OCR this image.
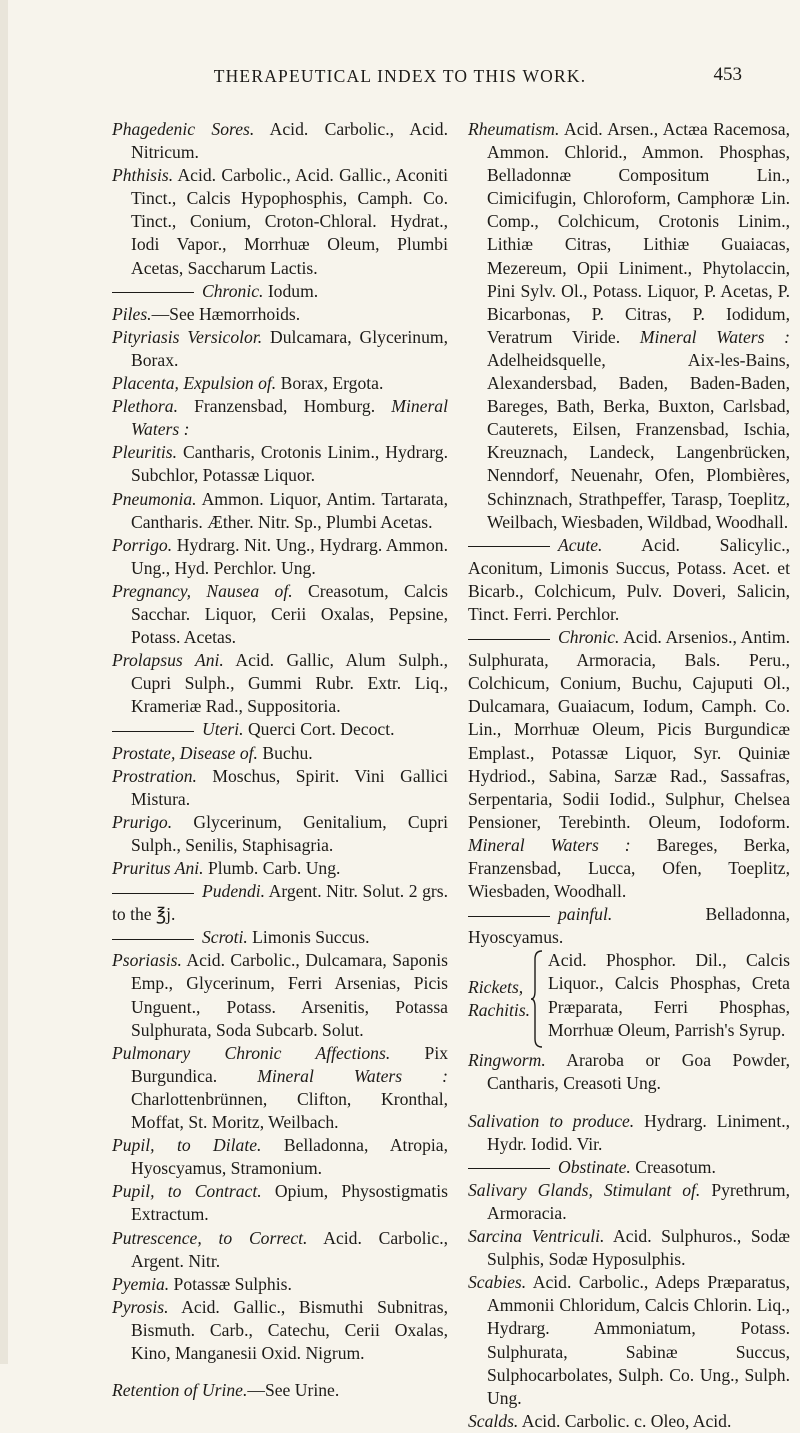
THERAPEUTICAL INDEX TO THIS WORK.	453

Phagedenic Sores. Acid. Carbolic., Acid. Nitricum.

Phthisis. Acid. Carbolic., Acid. Gallic., Aconiti Tinct., Calcis Hypophosphis, Camph. Co. Tinct., Conium, Croton-Chloral. Hydrat., Iodi Vapor., Morrhuæ Oleum, Plumbi Acetas, Saccharum Lactis.

Chronic. Iodum.

Piles.—See Hæmorrhoids.

Pityriasis Versicolor. Dulcamara, Glycerinum, Borax.

Placenta, Expulsion of. Borax, Ergota.

Plethora. Franzensbad, Homburg. Mineral Waters :

Pleuritis. Cantharis, Crotonis Linim., Hydrarg. Subchlor, Potassæ Liquor.

Pneumonia. Ammon. Liquor, Antim. Tartarata, Cantharis. Æther. Nitr. Sp., Plumbi Acetas.

Porrigo. Hydrarg. Nit. Ung., Hydrarg. Ammon. Ung., Hyd. Perchlor. Ung.

Pregnancy, Nausea of. Creasotum, Calcis Sacchar. Liquor, Cerii Oxalas, Pepsine, Potass. Acetas.

Prolapsus Ani. Acid. Gallic, Alum Sulph., Cupri Sulph., Gummi Rubr. Extr. Liq., Krameriæ Rad., Suppositoria.

Uteri. Querci Cort. Decoct.

Prostate, Disease of. Buchu.

Prostration. Moschus, Spirit. Vini Gallici Mistura.

Prurigo. Glycerinum, Genitalium, Cupri Sulph., Senilis, Staphisagria.

Pruritus Ani. Plumb. Carb. Ung.

Pudendi. Argent. Nitr. Solut. 2 grs. to the ℥j.

Scroti. Limonis Succus.

Psoriasis. Acid. Carbolic., Dulcamara, Saponis Emp., Glycerinum, Ferri Arsenias, Picis Unguent., Potass. Arsenitis, Potassa Sulphurata, Soda Subcarb. Solut.

Pulmonary Chronic Affections. Pix Burgundica. Mineral Waters : Charlottenbrünnen, Clifton, Kronthal, Moffat, St. Moritz, Weilbach.

Pupil, to Dilate. Belladonna, Atropia, Hyoscyamus, Stramonium.

Pupil, to Contract. Opium, Physostigmatis Extractum.

Putrescence, to Correct. Acid. Carbolic., Argent. Nitr.

Pyemia. Potassæ Sulphis.

Pyrosis. Acid. Gallic., Bismuthi Subnitras, Bismuth. Carb., Catechu, Cerii Oxalas, Kino, Manganesii Oxid. Nigrum.

Retention of Urine.—See Urine.

Rheumatism. Acid. Arsen., Actæa Racemosa, Ammon. Chlorid., Ammon. Phosphas, Belladonnæ Compositum Lin., Cimicifugin, Chloroform, Camphoræ Lin. Comp., Colchicum, Crotonis Linim., Lithiæ Citras, Lithiæ Guaiacas, Mezereum, Opii Liniment., Phytolaccin, Pini Sylv. Ol., Potass. Liquor, P. Acetas, P. Bicarbonas, P. Citras, P. Iodidum, Veratrum Viride. Mineral Waters : Adelheidsquelle, Aix-les-Bains, Alexandersbad, Baden, Baden-Baden, Bareges, Bath, Berka, Buxton, Carlsbad, Cauterets, Eilsen, Franzensbad, Ischia, Kreuznach, Landeck, Langenbrücken, Nenndorf, Neuenahr, Ofen, Plombières, Schinznach, Strathpeffer, Tarasp, Toeplitz, Weilbach, Wiesbaden, Wildbad, Woodhall.

Acute. Acid. Salicylic., Aconitum, Limonis Succus, Potass. Acet. et Bicarb., Colchicum, Pulv. Doveri, Salicin, Tinct. Ferri. Perchlor.

Chronic. Acid. Arsenios., Antim. Sulphurata, Armoracia, Bals. Peru., Colchicum, Conium, Buchu, Cajuputi Ol., Dulcamara, Guaiacum, Iodum, Camph. Co. Lin., Morrhuæ Oleum, Picis Burgundicæ Emplast., Potassæ Liquor, Syr. Quiniæ Hydriod., Sabina, Sarzæ Rad., Sassafras, Serpentaria, Sodii Iodid., Sulphur, Chelsea Pensioner, Terebinth. Oleum, Iodoform. Mineral Waters : Bareges, Berka, Franzensbad, Lucca, Ofen, Toeplitz, Wiesbaden, Woodhall.

painful. Belladonna, Hyoscyamus.

Rickets,
Rachitis.
Acid. Phosphor. Dil., Calcis Liquor., Calcis Phosphas, Creta Præparata, Ferri Phosphas, Morrhuæ Oleum, Parrish's Syrup.

Ringworm. Araroba or Goa Powder, Cantharis, Creasoti Ung.

Salivation to produce. Hydrarg. Liniment., Hydr. Iodid. Vir.

Obstinate. Creasotum.

Salivary Glands, Stimulant of. Pyrethrum, Armoracia.

Sarcina Ventriculi. Acid. Sulphuros., Sodæ Sulphis, Sodæ Hyposulphis.

Scabies. Acid. Carbolic., Adeps Præparatus, Ammonii Chloridum, Calcis Chlorin. Liq., Hydrarg. Ammoniatum, Potass. Sulphurata, Sabinæ Succus, Sulphocarbolates, Sulph. Co. Ung., Sulph. Ung.

Scalds. Acid. Carbolic. c. Oleo, Acid.
